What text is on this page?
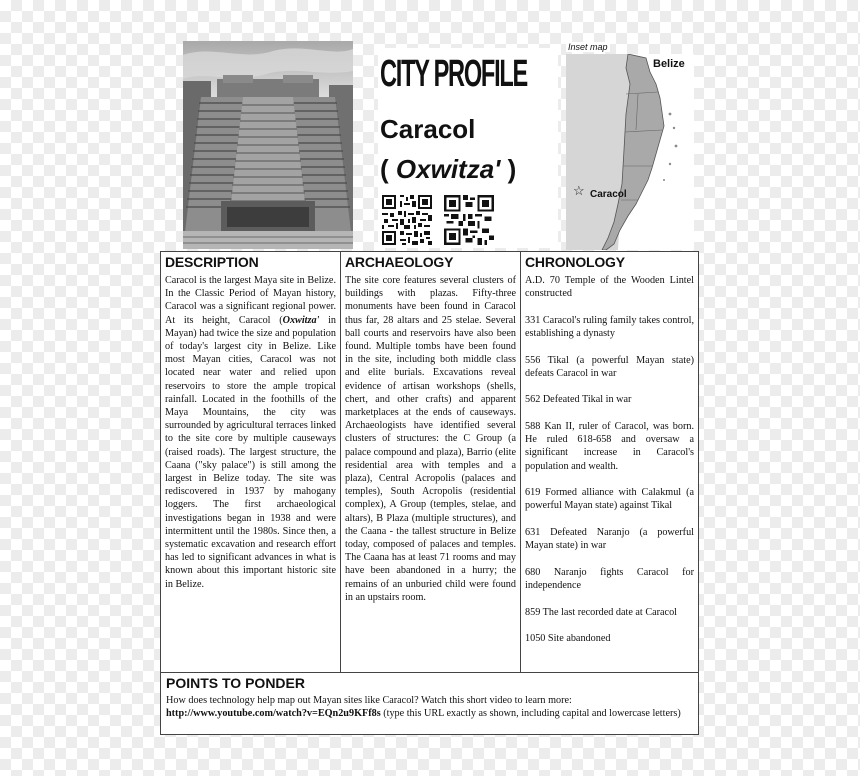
CITY PROFILE
Caracol
( Oxwitza' )
Inset map
Belize
☆ Caracol
DESCRIPTION

Caracol is the largest Maya site in Belize. In the Classic Period of Mayan history, Caracol was a significant regional power. At its height, Caracol (Oxwitza' in Mayan) had twice the size and population of today's largest city in Belize. Like most Mayan cities, Caracol was not located near water and relied upon reservoirs to store the ample tropical rainfall. Located in the foothills of the Maya Mountains, the city was surrounded by agricultural terraces linked to the site core by multiple causeways (raised roads). The largest structure, the Caana ("sky palace") is still among the largest in Belize today. The site was rediscovered in 1937 by mahogany loggers. The first archaeological investigations began in 1938 and were intermittent until the 1980s. Since then, a systematic excavation and research effort has led to significant advances in what is known about this important historic site in Belize.

ARCHAEOLOGY

The site core features several clusters of buildings with plazas. Fifty-three monuments have been found in Caracol thus far, 28 altars and 25 stelae. Several ball courts and reservoirs have also been found. Multiple tombs have been found in the site, including both middle class and elite burials. Excavations reveal evidence of artisan workshops (shells, chert, and other crafts) and apparent marketplaces at the ends of causeways. Archaeologists have identified several clusters of structures: the C Group (a palace compound and plaza), Barrio (elite residential area with temples and a plaza), Central Acropolis (palaces and temples), South Acropolis (residential complex), A Group (temples, stelae, and altars), B Plaza (multiple structures), and the Caana - the tallest structure in Belize today, composed of palaces and temples. The Caana has at least 71 rooms and may have been abandoned in a hurry; the remains of an unburied child were found in an upstairs room.

CHRONOLOGY
A.D. 70 Temple of the Wooden Lintel constructed
331 Caracol's ruling family takes control, establishing a dynasty
556 Tikal (a powerful Mayan state) defeats Caracol in war
562 Defeated Tikal in war
588 Kan II, ruler of Caracol, was born. He ruled 618-658 and oversaw a significant increase in Caracol's population and wealth.
619 Formed alliance with Calakmul (a powerful Mayan state) against Tikal
631 Defeated Naranjo (a powerful Mayan state) in war
680 Naranjo fights Caracol for independence
859 The last recorded date at Caracol
1050 Site abandoned
POINTS TO PONDER

How does technology help map out Mayan sites like Caracol? Watch this short video to learn more:
http://www.youtube.com/watch?v=EQn2u9KFf8s (type this URL exactly as shown, including capital and lowercase letters)
